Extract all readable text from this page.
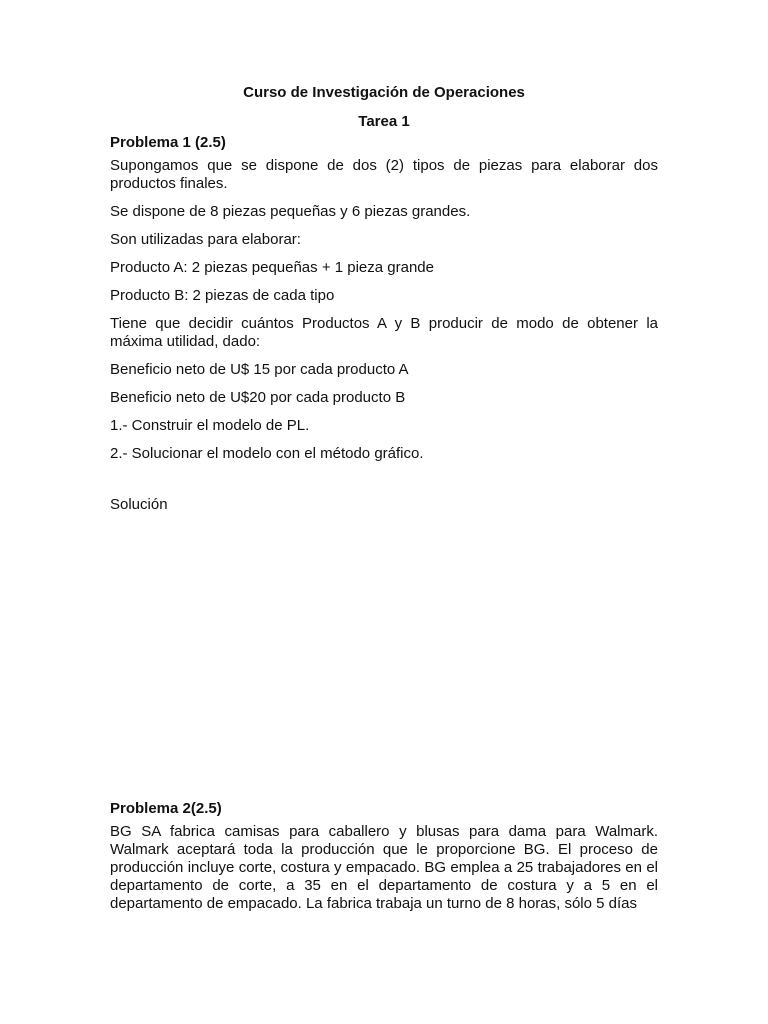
Curso de Investigación de Operaciones
Tarea 1
Problema 1 (2.5)

Supongamos que se dispone de dos (2) tipos de piezas para elaborar dos productos finales.

Se dispone de 8 piezas pequeñas y 6 piezas grandes.

Son utilizadas para elaborar:

Producto A: 2 piezas pequeñas + 1 pieza grande

Producto B: 2 piezas de cada tipo

Tiene que decidir cuántos Productos A y B producir de modo de obtener la máxima utilidad, dado:

Beneficio neto de U$ 15 por cada producto A

Beneficio neto de U$20 por cada producto B

1.- Construir el modelo de PL.

2.- Solucionar el modelo con el método gráfico.

Solución

Problema 2(2.5)

BG SA fabrica camisas para caballero y blusas para dama para Walmark. Walmark aceptará toda la producción que le proporcione BG. El proceso de producción incluye corte, costura y empacado. BG emplea a 25 trabajadores en el departamento de corte, a 35 en el departamento de costura y a 5 en el departamento de empacado. La fabrica trabaja un turno de 8 horas, sólo 5 días
